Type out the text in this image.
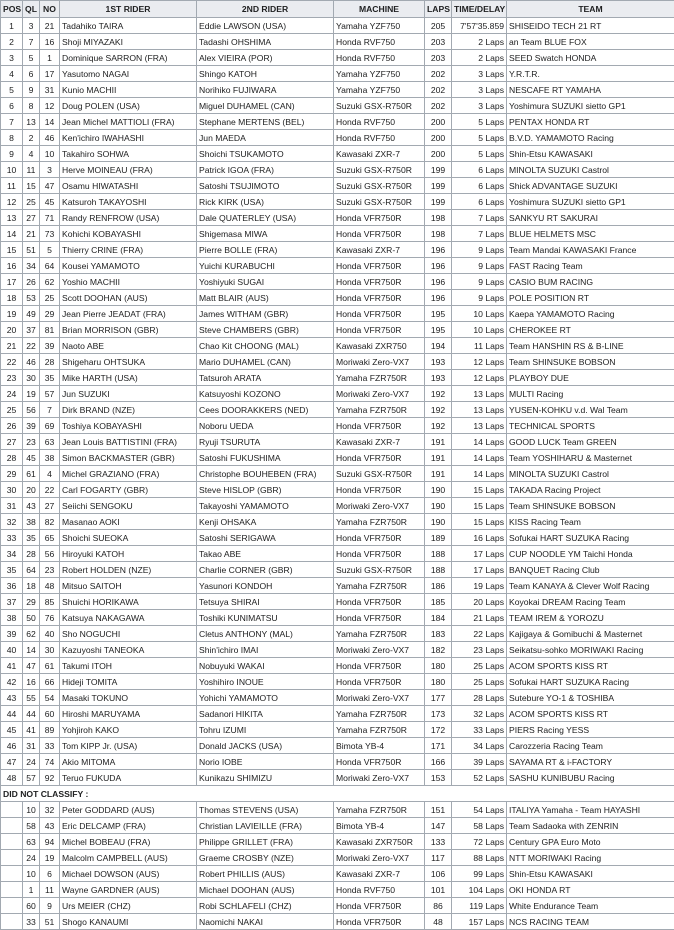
POS	QL	NO	1ST RIDER	2ND RIDER	MACHINE	LAPS	TIME/DELAY	TEAM
1	3	21	Tadahiko TAIRA	Eddie LAWSON (USA)	Yamaha YZF750	205	7'57'35.859	SHISEIDO TECH 21 RT
2	7	16	Shoji MIYAZAKI	Tadashi OHSHIMA	Honda RVF750	203	2 Laps	an Team BLUE FOX
3	5	1	Dominique SARRON (FRA)	Alex VIEIRA (POR)	Honda RVF750	203	2 Laps	SEED Swatch HONDA
4	6	17	Yasutomo NAGAI	Shingo KATOH	Yamaha YZF750	202	3 Laps	Y.R.T.R.
5	9	31	Kunio MACHII	Norihiko FUJIWARA	Yamaha YZF750	202	3 Laps	NESCAFE RT YAMAHA
6	8	12	Doug POLEN (USA)	Miguel DUHAMEL (CAN)	Suzuki GSX-R750R	202	3 Laps	Yoshimura SUZUKI sietto GP1
7	13	14	Jean Michel MATTIOLI (FRA)	Stephane MERTENS (BEL)	Honda RVF750	200	5 Laps	PENTAX HONDA RT
8	2	46	Ken'ichiro IWAHASHI	Jun MAEDA	Honda RVF750	200	5 Laps	B.V.D. YAMAMOTO Racing
9	4	10	Takahiro SOHWA	Shoichi TSUKAMOTO	Kawasaki ZXR-7	200	5 Laps	Shin-Etsu KAWASAKI
10	11	3	Herve MOINEAU (FRA)	Patrick IGOA (FRA)	Suzuki GSX-R750R	199	6 Laps	MINOLTA SUZUKI Castrol
11	15	47	Osamu HIWATASHI	Satoshi TSUJIMOTO	Suzuki GSX-R750R	199	6 Laps	Shick ADVANTAGE SUZUKI
12	25	45	Katsuroh TAKAYOSHI	Rick KIRK (USA)	Suzuki GSX-R750R	199	6 Laps	Yoshimura SUZUKI sietto GP1
13	27	71	Randy RENFROW (USA)	Dale QUATERLEY (USA)	Honda VFR750R	198	7 Laps	SANKYU RT SAKURAI
14	21	73	Kohichi KOBAYASHI	Shigemasa MIWA	Honda VFR750R	198	7 Laps	BLUE HELMETS MSC
15	51	5	Thierry CRINE (FRA)	Pierre BOLLE (FRA)	Kawasaki ZXR-7	196	9 Laps	Team Mandai KAWASAKI France
16	34	64	Kousei YAMAMOTO	Yuichi KURABUCHI	Honda VFR750R	196	9 Laps	FAST Racing Team
17	26	62	Yoshio MACHII	Yoshiyuki SUGAI	Honda VFR750R	196	9 Laps	CASIO BUM RACING
18	53	25	Scott DOOHAN (AUS)	Matt BLAIR (AUS)	Honda VFR750R	196	9 Laps	POLE POSITION RT
19	49	29	Jean Pierre JEADAT (FRA)	James WITHAM (GBR)	Honda VFR750R	195	10 Laps	Kaepa YAMAMOTO Racing
20	37	81	Brian MORRISON (GBR)	Steve CHAMBERS (GBR)	Honda VFR750R	195	10 Laps	CHEROKEE RT
21	22	39	Naoto ABE	Chao Kit CHOONG (MAL)	Kawasaki ZXR750	194	11 Laps	Team HANSHIN RS & B-LINE
22	46	28	Shigeharu OHTSUKA	Mario DUHAMEL (CAN)	Moriwaki Zero-VX7	193	12 Laps	Team SHINSUKE BOBSON
23	30	35	Mike HARTH (USA)	Tatsuroh ARATA	Yamaha FZR750R	193	12 Laps	PLAYBOY DUE
24	19	57	Jun SUZUKI	Katsuyoshi KOZONO	Moriwaki Zero-VX7	192	13 Laps	MULTI Racing
25	56	7	Dirk BRAND (NZE)	Cees DOORAKKERS (NED)	Yamaha FZR750R	192	13 Laps	YUSEN-KOHKU v.d. Wal Team
26	39	69	Toshiya KOBAYASHI	Noboru UEDA	Honda VFR750R	192	13 Laps	TECHNICAL SPORTS
27	23	63	Jean Louis BATTISTINI (FRA)	Ryuji TSURUTA	Kawasaki ZXR-7	191	14 Laps	GOOD LUCK Team GREEN
28	45	38	Simon BACKMASTER (GBR)	Satoshi FUKUSHIMA	Honda VFR750R	191	14 Laps	Team YOSHIHARU & Masternet
29	61	4	Michel GRAZIANO (FRA)	Christophe BOUHEBEN (FRA)	Suzuki GSX-R750R	191	14 Laps	MINOLTA SUZUKI Castrol
30	20	22	Carl FOGARTY (GBR)	Steve HISLOP (GBR)	Honda VFR750R	190	15 Laps	TAKADA Racing Project
31	43	27	Seiichi SENGOKU	Takayoshi YAMAMOTO	Moriwaki Zero-VX7	190	15 Laps	Team SHINSUKE BOBSON
32	38	82	Masanao AOKI	Kenji OHSAKA	Yamaha FZR750R	190	15 Laps	KISS Racing Team
33	35	65	Shoichi SUEOKA	Satoshi SERIGAWA	Honda VFR750R	189	16 Laps	Sofukai HART SUZUKA Racing
34	28	56	Hiroyuki KATOH	Takao ABE	Honda VFR750R	188	17 Laps	CUP NOODLE YM Taichi Honda
35	64	23	Robert HOLDEN (NZE)	Charlie CORNER (GBR)	Suzuki GSX-R750R	188	17 Laps	BANQUET Racing Club
36	18	48	Mitsuo SAITOH	Yasunori KONDOH	Yamaha FZR750R	186	19 Laps	Team KANAYA & Clever Wolf Racing
37	29	85	Shuichi HORIKAWA	Tetsuya SHIRAI	Honda VFR750R	185	20 Laps	Koyokai DREAM Racing Team
38	50	76	Katsuya NAKAGAWA	Toshiki KUNIMATSU	Honda VFR750R	184	21 Laps	TEAM IREM & YOROZU
39	62	40	Sho NOGUCHI	Cletus ANTHONY (MAL)	Yamaha FZR750R	183	22 Laps	Kajigaya & Gomibuchi & Masternet
40	14	30	Kazuyoshi TANEOKA	Shin'ichiro IMAI	Moriwaki Zero-VX7	182	23 Laps	Seikatsu-sohko MORIWAKI Racing
41	47	61	Takumi ITOH	Nobuyuki WAKAI	Honda VFR750R	180	25 Laps	ACOM SPORTS KISS RT
42	16	66	Hideji TOMITA	Yoshihiro INOUE	Honda VFR750R	180	25 Laps	Sofukai HART SUZUKA Racing
43	55	54	Masaki TOKUNO	Yohichi YAMAMOTO	Moriwaki Zero-VX7	177	28 Laps	Sutebure YO-1 & TOSHIBA
44	44	60	Hiroshi MARUYAMA	Sadanori HIKITA	Yamaha FZR750R	173	32 Laps	ACOM SPORTS KISS RT
45	41	89	Yohjiroh KAKO	Tohru IZUMI	Yamaha FZR750R	172	33 Laps	PIERS Racing YESS
46	31	33	Tom KIPP Jr. (USA)	Donald JACKS (USA)	Bimota YB-4	171	34 Laps	Carozzeria Racing Team
47	24	74	Akio MITOMA	Norio IOBE	Honda VFR750R	166	39 Laps	SAYAMA RT & i-FACTORY
48	57	92	Teruo FUKUDA	Kunikazu SHIMIZU	Moriwaki Zero-VX7	153	52 Laps	SASHU KUNIBUBU Racing
DID NOT CLASSIFY :								
	10	32	Peter GODDARD (AUS)	Thomas STEVENS (USA)	Yamaha FZR750R	151	54 Laps	ITALIYA Yamaha - Team HAYASHI
	58	43	Eric DELCAMP (FRA)	Christian LAVIEILLE (FRA)	Bimota YB-4	147	58 Laps	Team Sadaoka with ZENRIN
	63	94	Michel BOBEAU (FRA)	Philippe GRILLET (FRA)	Kawasaki ZXR750R	133	72 Laps	Century GPA Euro Moto
	24	19	Malcolm CAMPBELL (AUS)	Graeme CROSBY (NZE)	Moriwaki Zero-VX7	117	88 Laps	NTT MORIWAKI Racing
	10	6	Michael DOWSON (AUS)	Robert PHILLIS (AUS)	Kawasaki ZXR-7	106	99 Laps	Shin-Etsu KAWASAKI
	1	11	Wayne GARDNER (AUS)	Michael DOOHAN (AUS)	Honda RVF750	101	104 Laps	OKI HONDA RT
	60	9	Urs MEIER (CHZ)	Robi SCHLAFELI (CHZ)	Honda VFR750R	86	119 Laps	White Endurance Team
	33	51	Shogo KANAUMI	Naomichi NAKAI	Honda VFR750R	48	157 Laps	NCS RACING TEAM
